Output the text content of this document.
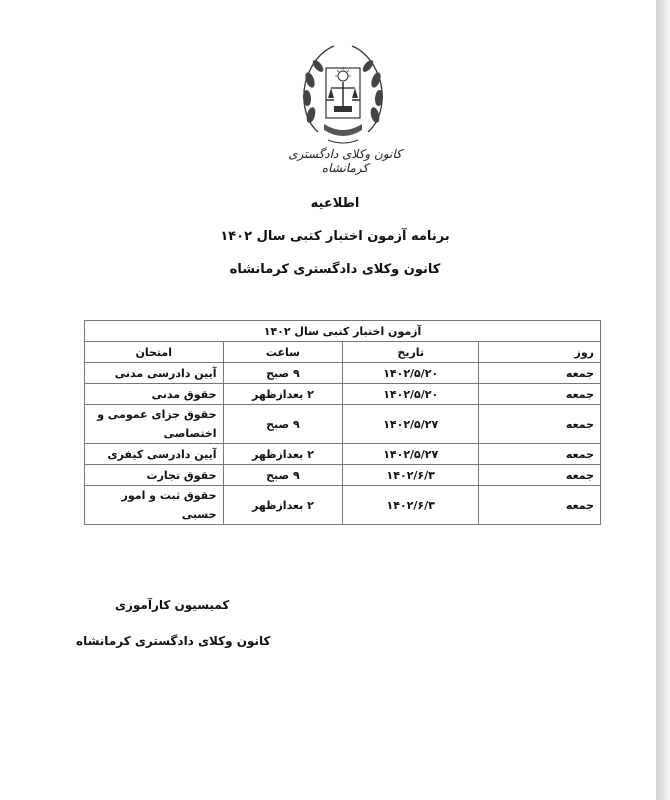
کانون وکلای دادگستری کرمانشاه
اطلاعیه
برنامه آزمون اختبار کتبی سال ۱۴۰۲
کانون وکلای دادگستری کرمانشاه
آزمون اختبار کتبی سال ۱۴۰۲			
روز	تاریخ	ساعت	امتحان
جمعه	۱۴۰۲/۵/۲۰	۹ صبح	آیین دادرسی مدنی
جمعه	۱۴۰۲/۵/۲۰	۲ بعدازظهر	حقوق مدنی
جمعه	۱۴۰۲/۵/۲۷	۹ صبح	حقوق جزای عمومی و اختصاصی
جمعه	۱۴۰۲/۵/۲۷	۲ بعدازظهر	آیین دادرسی کیفری
جمعه	۱۴۰۲/۶/۳	۹ صبح	حقوق تجارت
جمعه	۱۴۰۲/۶/۳	۲ بعدازظهر	حقوق ثبت و امور حسبی
کمیسیون کارآموزی
کانون وکلای دادگستری کرمانشاه
